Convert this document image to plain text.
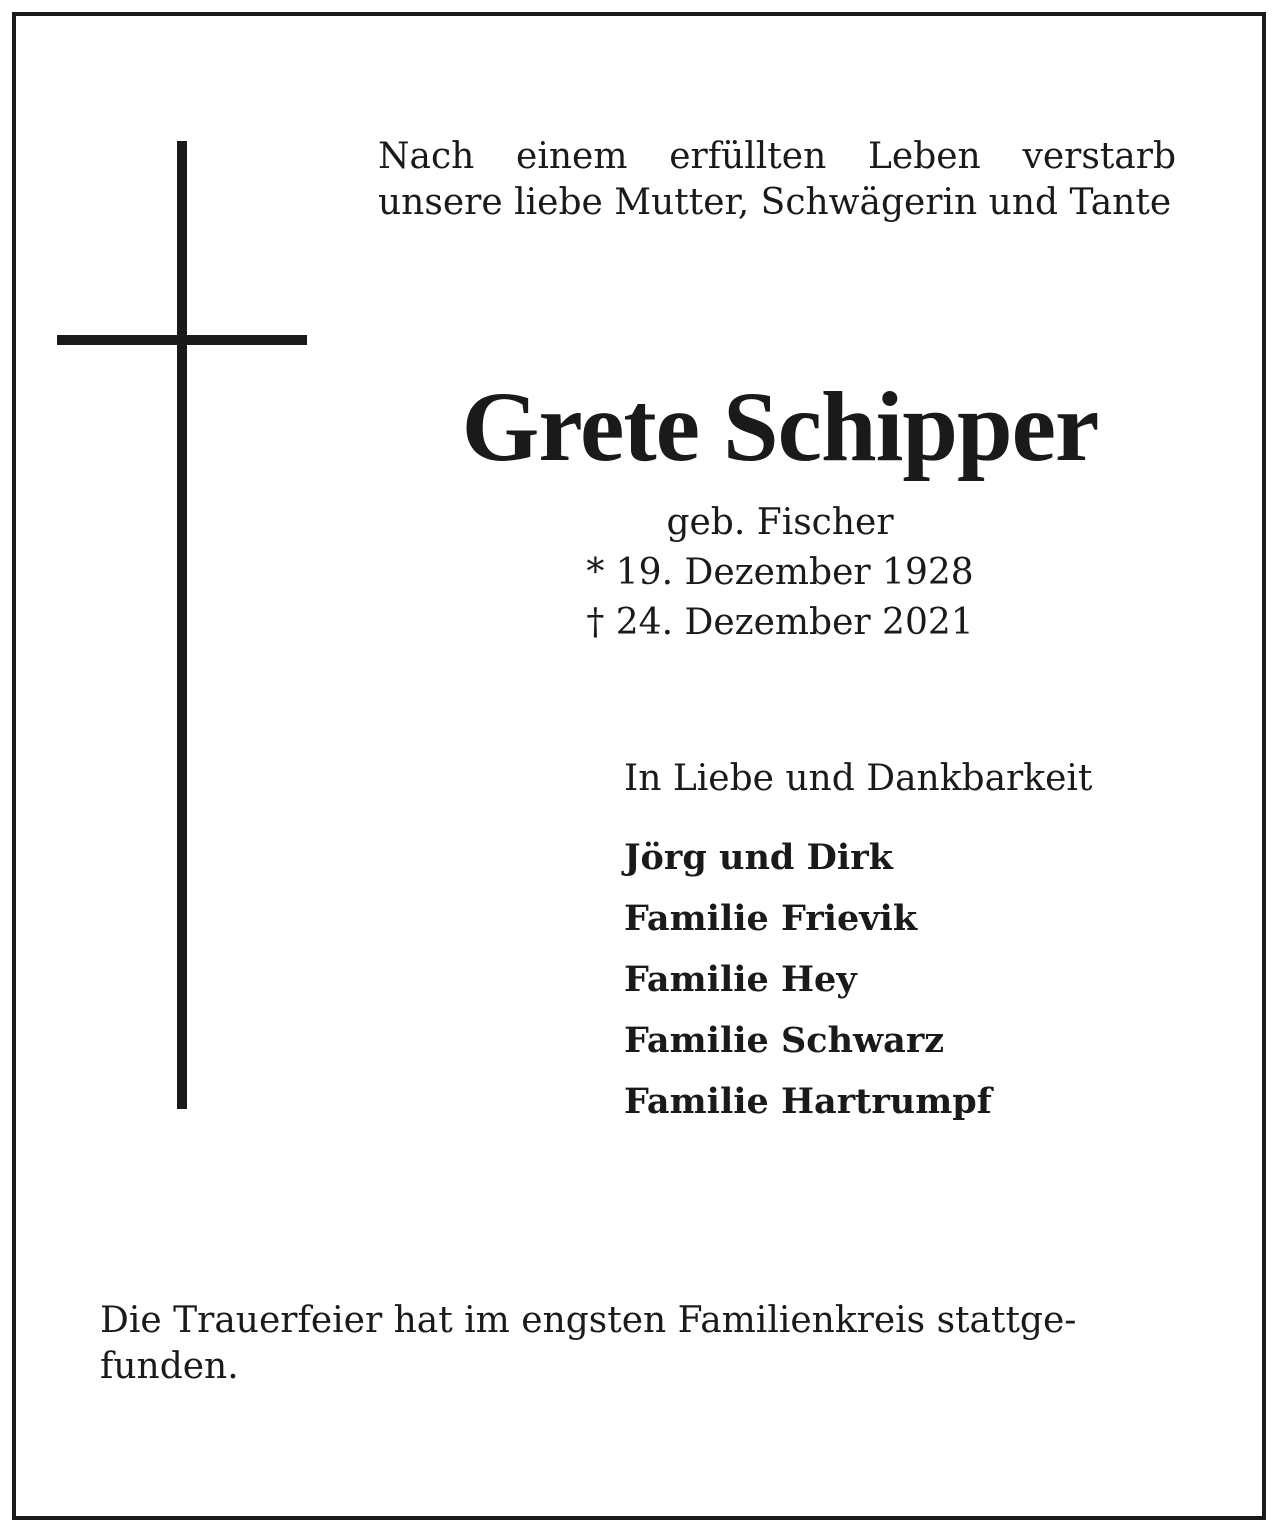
Nach einem erfüllten Leben verstarb unsere liebe Mutter, Schwägerin und Tante

Grete Schipper
geb. Fischer
* 19. Dezember 1928
† 24. Dezember 2021
In Liebe und Dankbarkeit
Jörg und Dirk
Familie Frievik
Familie Hey
Familie Schwarz
Familie Hartrumpf

Die Trauerfeier hat im engsten Familienkreis stattge-
funden.
